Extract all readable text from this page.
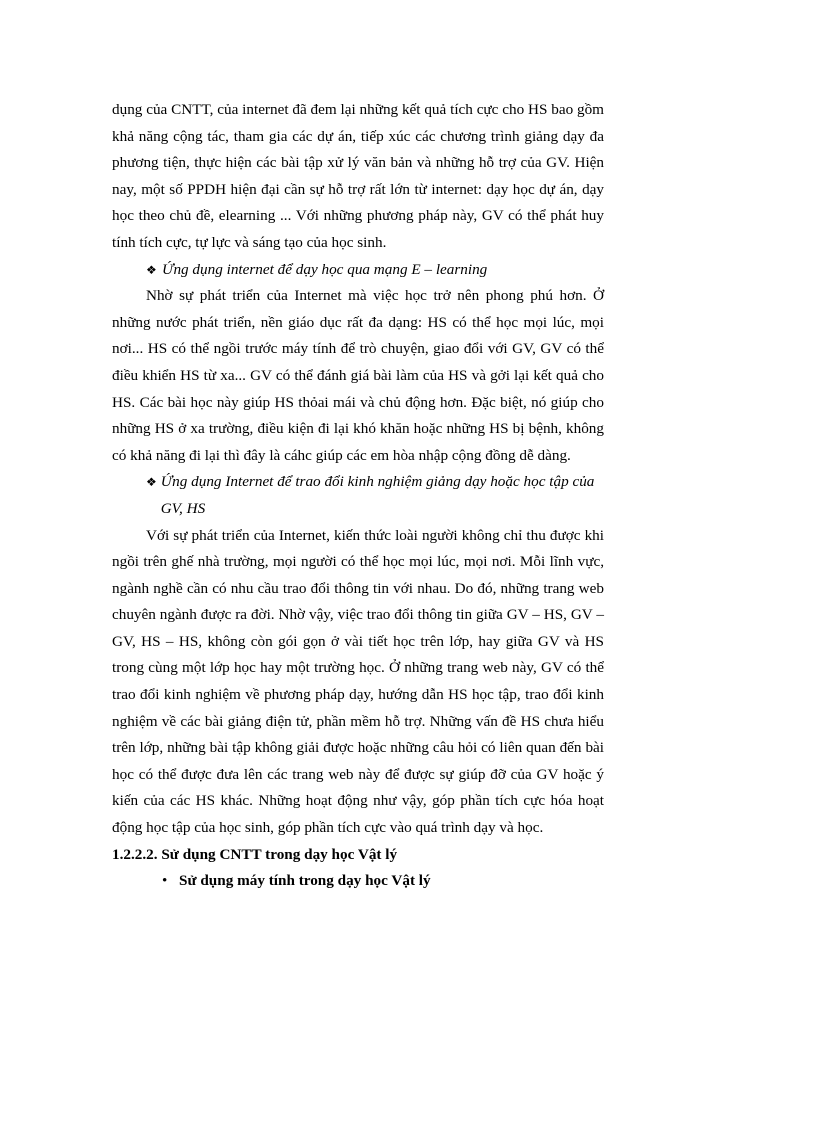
dụng của CNTT, của internet đã đem lại những kết quả tích cực cho HS bao gồm khả năng cộng tác, tham gia các dự án, tiếp xúc các chương trình giảng dạy đa phương tiện, thực hiện các bài tập xử lý văn bản và những hỗ trợ của GV. Hiện nay, một số PPDH hiện đại cần sự hỗ trợ rất lớn từ internet: dạy học dự án, dạy học theo chủ đề, elearning ... Với những phương pháp này, GV có thể phát huy tính tích cực, tự lực và sáng tạo của học sinh.

❖ Ứng dụng internet để dạy học qua mạng E – learning

Nhờ sự phát triển của Internet mà việc học trở nên phong phú hơn. Ở những nước phát triển, nền giáo dục rất đa dạng: HS có thể học mọi lúc, mọi nơi... HS có thể ngồi trước máy tính để trò chuyện, giao đổi với GV, GV có thể điều khiển HS từ xa... GV có thể đánh giá bài làm của HS và gởi lại kết quả cho HS. Các bài học này giúp HS thỏai mái và chủ động hơn. Đặc biệt, nó giúp cho những HS ở xa trường, điều kiện đi lại khó khăn hoặc những HS bị bệnh, không có khả năng đi lại thì đây là cáhc giúp các em hòa nhập cộng đồng dễ dàng.

❖ Ứng dụng Internet để trao đổi kinh nghiệm giảng dạy hoặc học tập của GV, HS

Với sự phát triển của Internet, kiến thức loài người không chỉ thu được khi ngồi trên ghế nhà trường, mọi người có thể học mọi lúc, mọi nơi. Mỗi lĩnh vực, ngành nghề cần có nhu cầu trao đổi thông tin với nhau. Do đó, những trang web chuyên ngành được ra đời. Nhờ vậy, việc trao đổi thông tin giữa GV – HS, GV – GV, HS – HS, không còn gói gọn ở vài tiết học trên lớp, hay giữa GV và HS trong cùng một lớp học hay một trường học. Ở những trang web này, GV có thể trao đổi kinh nghiệm về phương pháp dạy, hướng dẫn HS học tập, trao đổi kinh nghiệm về các bài giảng điện tử, phần mềm hỗ trợ. Những vấn đề HS chưa hiểu trên lớp, những bài tập không giải được hoặc những câu hỏi có liên quan đến bài học có thể được đưa lên các trang web này để được sự giúp đỡ của GV hoặc ý kiến của các HS khác. Những hoạt động như vậy, góp phần tích cực hóa hoạt động học tập của học sinh, góp phần tích cực vào quá trình dạy và học.

1.2.2.2. Sử dụng CNTT trong dạy học Vật lý

• Sử dụng máy tính trong dạy học Vật lý
